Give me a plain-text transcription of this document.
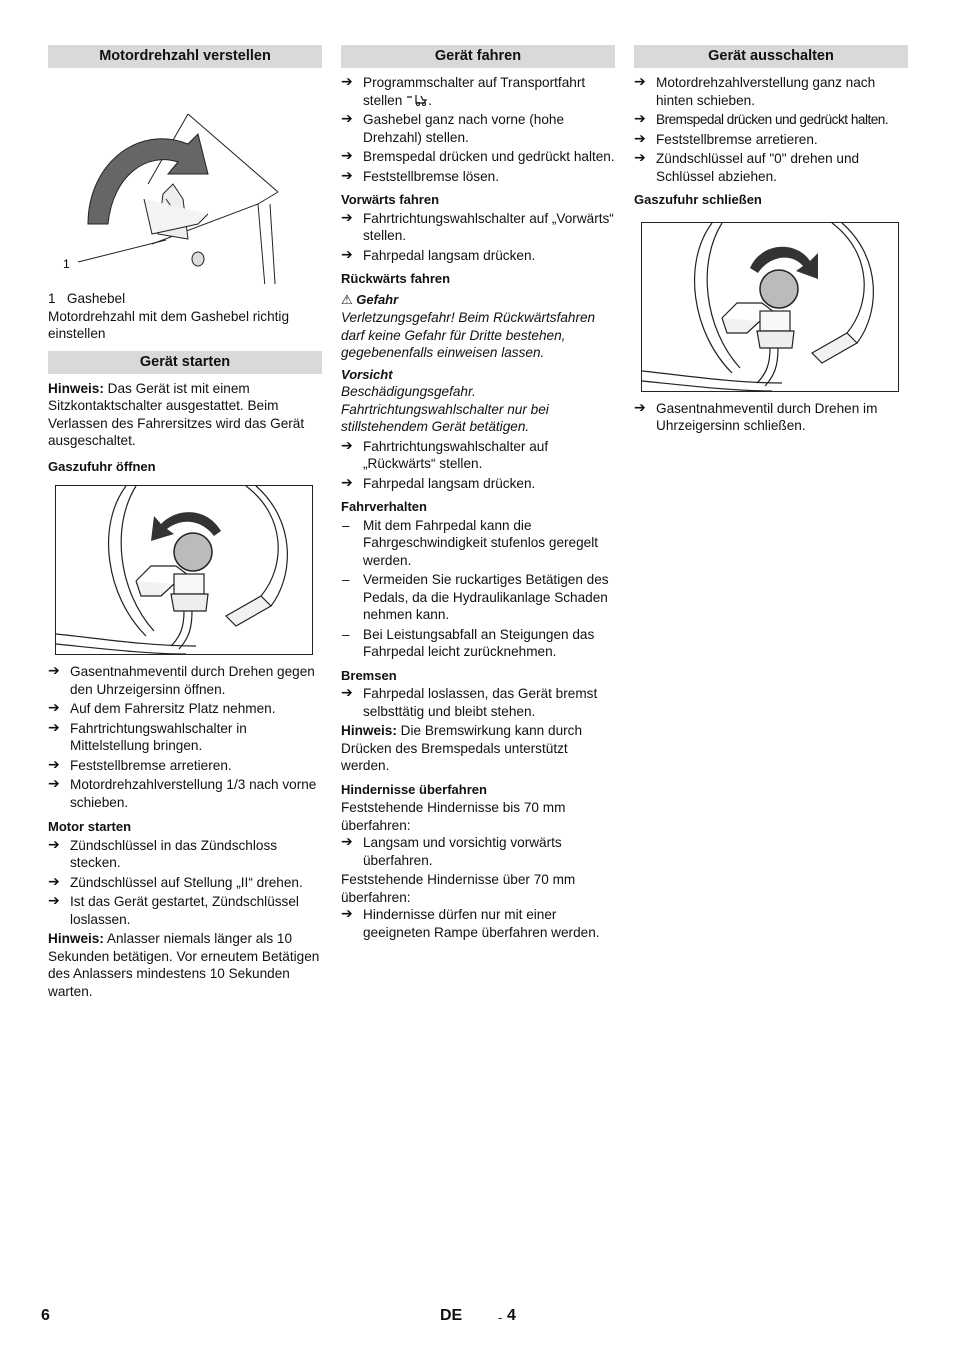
Motordrehzahl verstellen
1
1 Gashebel

Motordrehzahl mit dem Gashebel richtig einstellen

Gerät starten

Hinweis: Das Gerät ist mit einem Sitzkontaktschalter ausgestattet. Beim Verlassen des Fahrersitzes wird das Gerät ausgeschaltet.

Gaszufuhr öffnen
➔ Gasentnahmeventil durch Drehen gegen den Uhrzeigersinn öffnen.
➔ Auf dem Fahrersitz Platz nehmen.
➔ Fahrtrichtungswahlschalter in Mittelstellung bringen.
➔ Feststellbremse arretieren.
➔ Motordrehzahlverstellung 1/3 nach vorne schieben.
Motor starten
➔ Zündschlüssel in das Zündschloss stecken.
➔ Zündschlüssel auf Stellung „II“ drehen.
➔ Ist das Gerät gestartet, Zündschlüssel loslassen.

Hinweis: Anlasser niemals länger als 10 Sekunden betätigen. Vor erneutem Betätigen des Anlassers mindestens 10 Sekunden warten.

Gerät fahren
➔ Programmschalter auf Transportfahrt stellen .
➔ Gashebel ganz nach vorne (hohe Drehzahl) stellen.
➔ Bremspedal drücken und gedrückt halten.
➔ Feststellbremse lösen.
Vorwärts fahren
➔ Fahrtrichtungswahlschalter auf „Vorwärts“ stellen.
➔ Fahrpedal langsam drücken.
Rückwärts fahren
⚠ Gefahr

Verletzungsgefahr! Beim Rückwärtsfahren darf keine Gefahr für Dritte bestehen, gegebenenfalls einweisen lassen.

Vorsicht

Beschädigungsgefahr. Fahrtrichtungswahlschalter nur bei stillstehendem Gerät betätigen.

➔ Fahrtrichtungswahlschalter auf „Rückwärts“ stellen.
➔ Fahrpedal langsam drücken.
Fahrverhalten
– Mit dem Fahrpedal kann die Fahrgeschwindigkeit stufenlos geregelt werden.
– Vermeiden Sie ruckartiges Betätigen des Pedals, da die Hydraulikanlage Schaden nehmen kann.
– Bei Leistungsabfall an Steigungen das Fahrpedal leicht zurücknehmen.
Bremsen
➔ Fahrpedal loslassen, das Gerät bremst selbsttätig und bleibt stehen.

Hinweis: Die Bremswirkung kann durch Drücken des Bremspedals unterstützt werden.

Hindernisse überfahren

Feststehende Hindernisse bis 70 mm überfahren:

➔ Langsam und vorsichtig vorwärts überfahren.

Feststehende Hindernisse über 70 mm überfahren:

➔ Hindernisse dürfen nur mit einer geeigneten Rampe überfahren werden.
Gerät ausschalten
➔ Motordrehzahlverstellung ganz nach hinten schieben.
➔ Bremspedal drücken und gedrückt halten.
➔ Feststellbremse arretieren.
➔ Zündschlüssel auf "0" drehen und Schlüssel abziehen.
Gaszufuhr schließen
➔ Gasentnahmeventil durch Drehen im Uhrzeigersinn schließen.
6	DE	- 4
